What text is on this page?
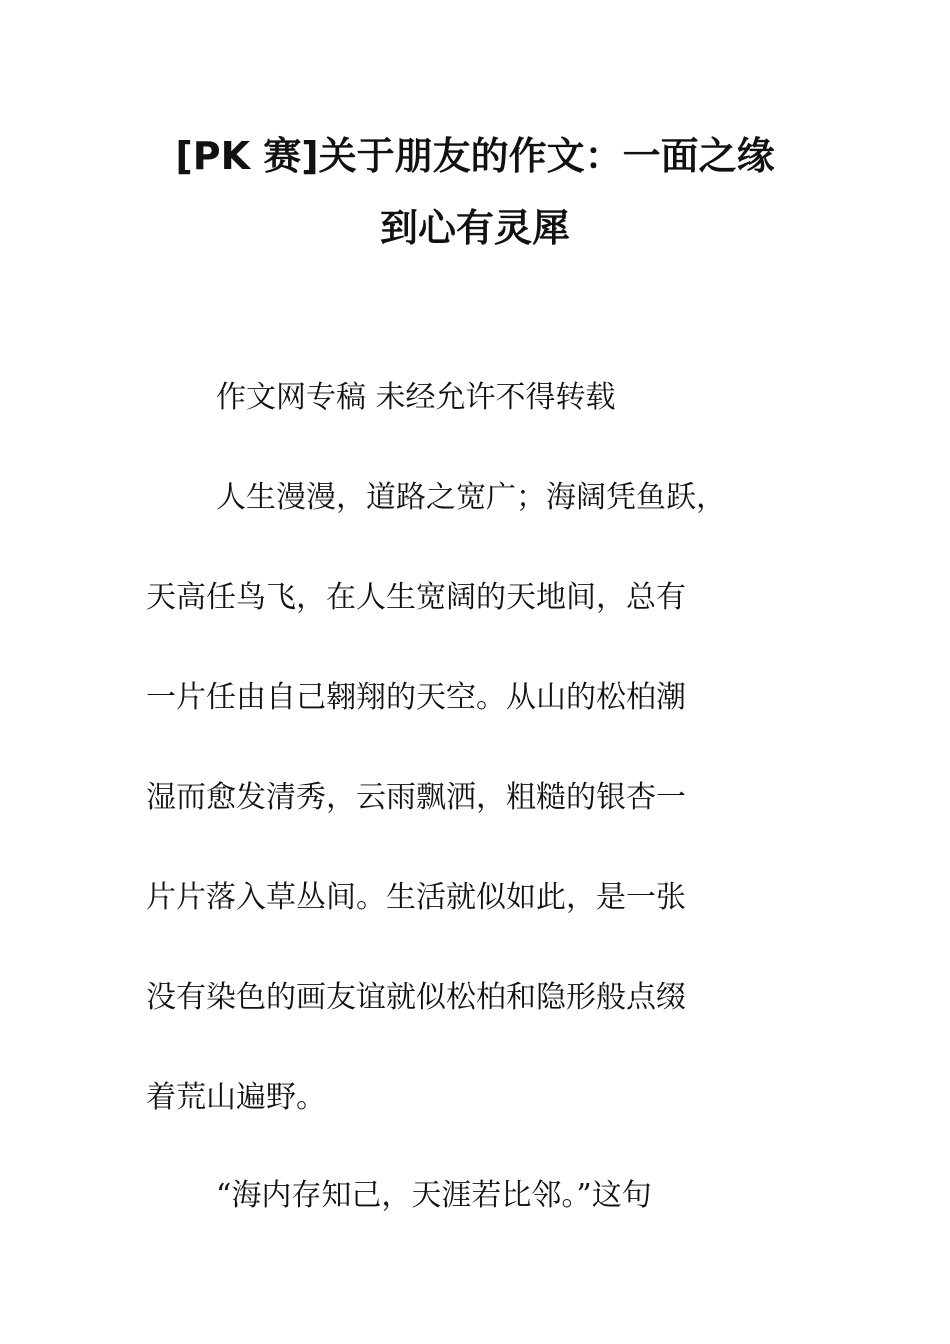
[PK 赛]关于朋友的作文：一面之缘
到心有灵犀
作文网专稿 未经允许不得转载
人生漫漫，道路之宽广；海阔凭鱼跃，
天高任鸟飞，在人生宽阔的天地间，总有
一片任由自己翱翔的天空。从山的松柏潮
湿而愈发清秀，云雨飘洒，粗糙的银杏一
片片落入草丛间。生活就似如此，是一张
没有染色的画友谊就似松柏和隐形般点缀
着荒山遍野。
“海内存知己，天涯若比邻。”这句
